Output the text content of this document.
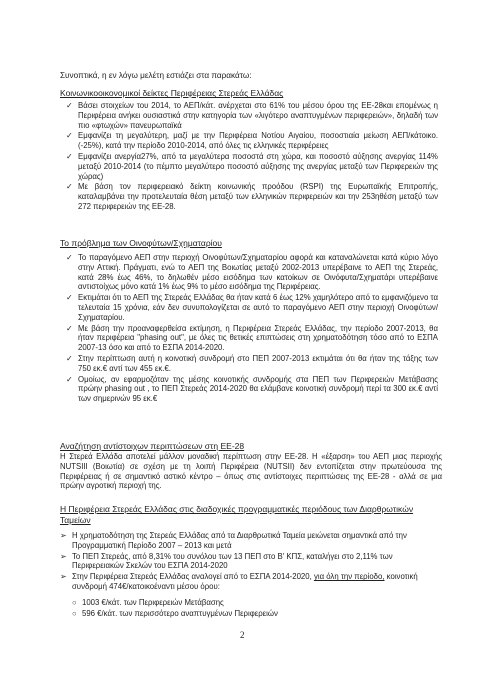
Συνοπτικά, η εν λόγω μελέτη εστιάζει στα παρακάτω:
Κοινωνικοοικονομικοί δείκτες Περιφέρειας Στερεάς Ελλάδας
✓ Βάσει στοιχείων του 2014, το ΑΕΠ/κάτ. ανέρχεται στο 61% του μέσου όρου της ΕΕ-28και επομένως η Περιφέρεια ανήκει ουσιαστικά στην κατηγορία των «λιγότερο αναπτυγμένων περιφερειών», δηλαδή των πιο «φτωχών» πανευρωπαϊκά
✓ Εμφανίζει τη μεγαλύτερη, μαζί με την Περιφέρεια Νοτίου Αιγαίου, ποσοστιαία μείωση ΑΕΠ/κάτοικο. (-25%), κατά την περίοδο 2010-2014, από όλες τις ελληνικές περιφέρειες
✓ Εμφανίζει ανεργία27%, από τα μεγαλύτερα ποσοστά στη χώρα, και ποσοστό αύξησης ανεργίας 114% μεταξύ 2010-2014 (το πέμπτο μεγαλύτερο ποσοστό αύξησης της ανεργίας μεταξύ των Περιφερειών της χώρας)
✓ Με βάση τον περιφερειακό δείκτη κοινωνικής προόδου (RSPI) της Ευρωπαϊκής Επιτροπής, καταλαμβάνει την προτελευταία θέση μεταξύ των ελληνικών περιφερειών και την 253ηθέση μεταξύ των 272 περιφερειών της ΕΕ-28.
Το πρόβλημα των Οινοφύτων/Σχηματαρίου
✓ Το παραγόμενο ΑΕΠ στην περιοχή Οινοφύτων/Σχηματαρίου αφορά και καταναλώνεται κατά κύριο λόγο στην Αττική. Πράγματι, ενώ το ΑΕΠ της Βοιωτίας μεταξύ 2002-2013 υπερέβαινε το ΑΕΠ της Στερεάς, κατά 28% έως 46%, το δηλωθέν μέσο εισόδημα των κατοίκων σε Οινόφυτα/Σχηματάρι υπερέβαινε αντιστοίχως μόνο κατά 1% έως 9% το μέσο εισόδημα της Περιφέρειας.
✓ Εκτιμάται ότι το ΑΕΠ της Στερεάς Ελλάδας θα ήταν κατά 6 έως 12% χαμηλότερο από το εμφανιζόμενο τα τελευταία 15 χρόνια, εάν δεν συνυπολογίζεται σε αυτό το παραγόμενο ΑΕΠ στην περιοχή Οινοφύτων/Σχηματαρίου.
✓ Με βάση την προαναφερθείσα εκτίμηση, η Περιφέρεια Στερεάς Ελλάδας, την περίοδο 2007-2013, θα ήταν περιφέρεια "phasing out", με όλες τις θετικές επιπτώσεις στη χρηματοδότηση τόσο από το ΕΣΠΑ 2007-13 όσο και από το ΕΣΠΑ 2014-2020.
✓ Στην περίπτωση αυτή η κοινοτική συνδρομή στο ΠΕΠ 2007-2013 εκτιμάται ότι θα ήταν της τάξης των 750 εκ.€ αντί των 455 εκ.€.
✓ Ομοίως, αν εφαρμοζόταν της μέσης κοινοτικής συνδρομής στα ΠΕΠ των Περιφερειών Μετάβασης πρώην phasing out , το ΠΕΠ Στερεάς 2014-2020 θα ελάμβανε κοινοτική συνδρομή περί τα 300 εκ.€ αντί των σημερινών 95 εκ.€
Αναζήτηση αντίστοιχων περιπτώσεων στη ΕΕ-28

Η Στερεά Ελλάδα αποτελεί μάλλον μοναδική περίπτωση στην ΕΕ-28. Η «έξαρση» του ΑΕΠ μιας περιοχής NUTSIII (Βοιωτία) σε σχέση με τη λοιπή Περιφέρεια (NUTSII) δεν εντοπίζεται στην πρωτεύουσα της Περιφέρειας ή σε σημαντικό αστικό κέντρο – όπως στις αντίστοιχες περιπτώσεις της ΕΕ-28 - αλλά σε μια πρώην αγροτική περιοχή της.

Η Περιφέρεια Στερεάς Ελλάδας στις διαδοχικές προγραμματικές περιόδους των Διαρθρωτικών Ταμείων
➢ Η χρηματοδότηση της Στερεάς Ελλάδας από τα Διαρθρωτικά Ταμεία μειώνεται σημαντικά από την Προγραμματική Περίοδο 2007 – 2013 και μετά
➢ Το ΠΕΠ Στερεάς, από 8,31% του συνόλου των 13 ΠΕΠ στο Β' ΚΠΣ, καταλήγει στο 2,11% των Περιφερειακών Σκελών του ΕΣΠΑ 2014-2020
➢ Στην Περιφέρεια Στερεάς Ελλάδας αναλογεί από το ΕΣΠΑ 2014-2020, για όλη την περίοδο, κοινοτική συνδρομή 474€/κατοικοέναντι μέσου όρου:
○ 1003 €/κάτ. των Περιφερειών Μετάβασης
○ 596 €/κάτ. των περισσότερο αναπτυγμένων Περιφερειών
2
